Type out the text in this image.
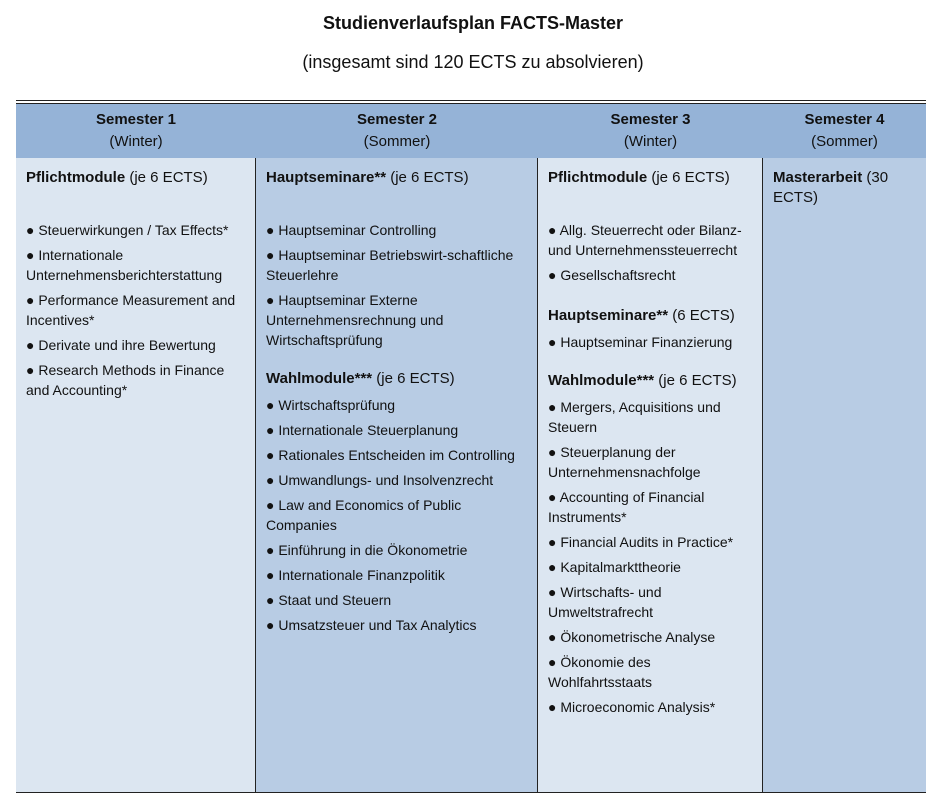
Studienverlaufsplan FACTS-Master
(insgesamt sind 120 ECTS zu absolvieren)
Semester 1
(Winter)
Semester 2
(Sommer)
Semester 3
(Winter)
Semester 4
(Sommer)
Pflichtmodule (je 6 ECTS)
● Steuerwirkungen / Tax Effects*
● Internationale Unternehmensberichterstattung
● Performance Measurement and Incentives*
● Derivate und ihre Bewertung
● Research Methods in Finance and Accounting*
Hauptseminare** (je 6 ECTS)
● Hauptseminar Controlling
● Hauptseminar Betriebswirt-schaftliche Steuerlehre
● Hauptseminar Externe Unternehmensrechnung und Wirtschaftsprüfung
Wahlmodule*** (je 6 ECTS)
● Wirtschaftsprüfung
● Internationale Steuerplanung
● Rationales Entscheiden im Controlling
● Umwandlungs- und Insolvenzrecht
● Law and Economics of Public Companies
● Einführung in die Ökonometrie
● Internationale Finanzpolitik
● Staat und Steuern
● Umsatzsteuer und Tax Analytics
Pflichtmodule (je 6 ECTS)
● Allg. Steuerrecht oder Bilanz- und Unternehmenssteuerrecht
● Gesellschaftsrecht
Hauptseminare** (6 ECTS)
● Hauptseminar Finanzierung
Wahlmodule*** (je 6 ECTS)
● Mergers, Acquisitions und Steuern
● Steuerplanung der Unternehmensnachfolge
● Accounting of Financial Instruments*
● Financial Audits in Practice*
● Kapitalmarkttheorie
● Wirtschafts- und Umweltstrafrecht
● Ökonometrische Analyse
● Ökonomie des Wohlfahrtsstaats
● Microeconomic Analysis*
Masterarbeit (30 ECTS)
